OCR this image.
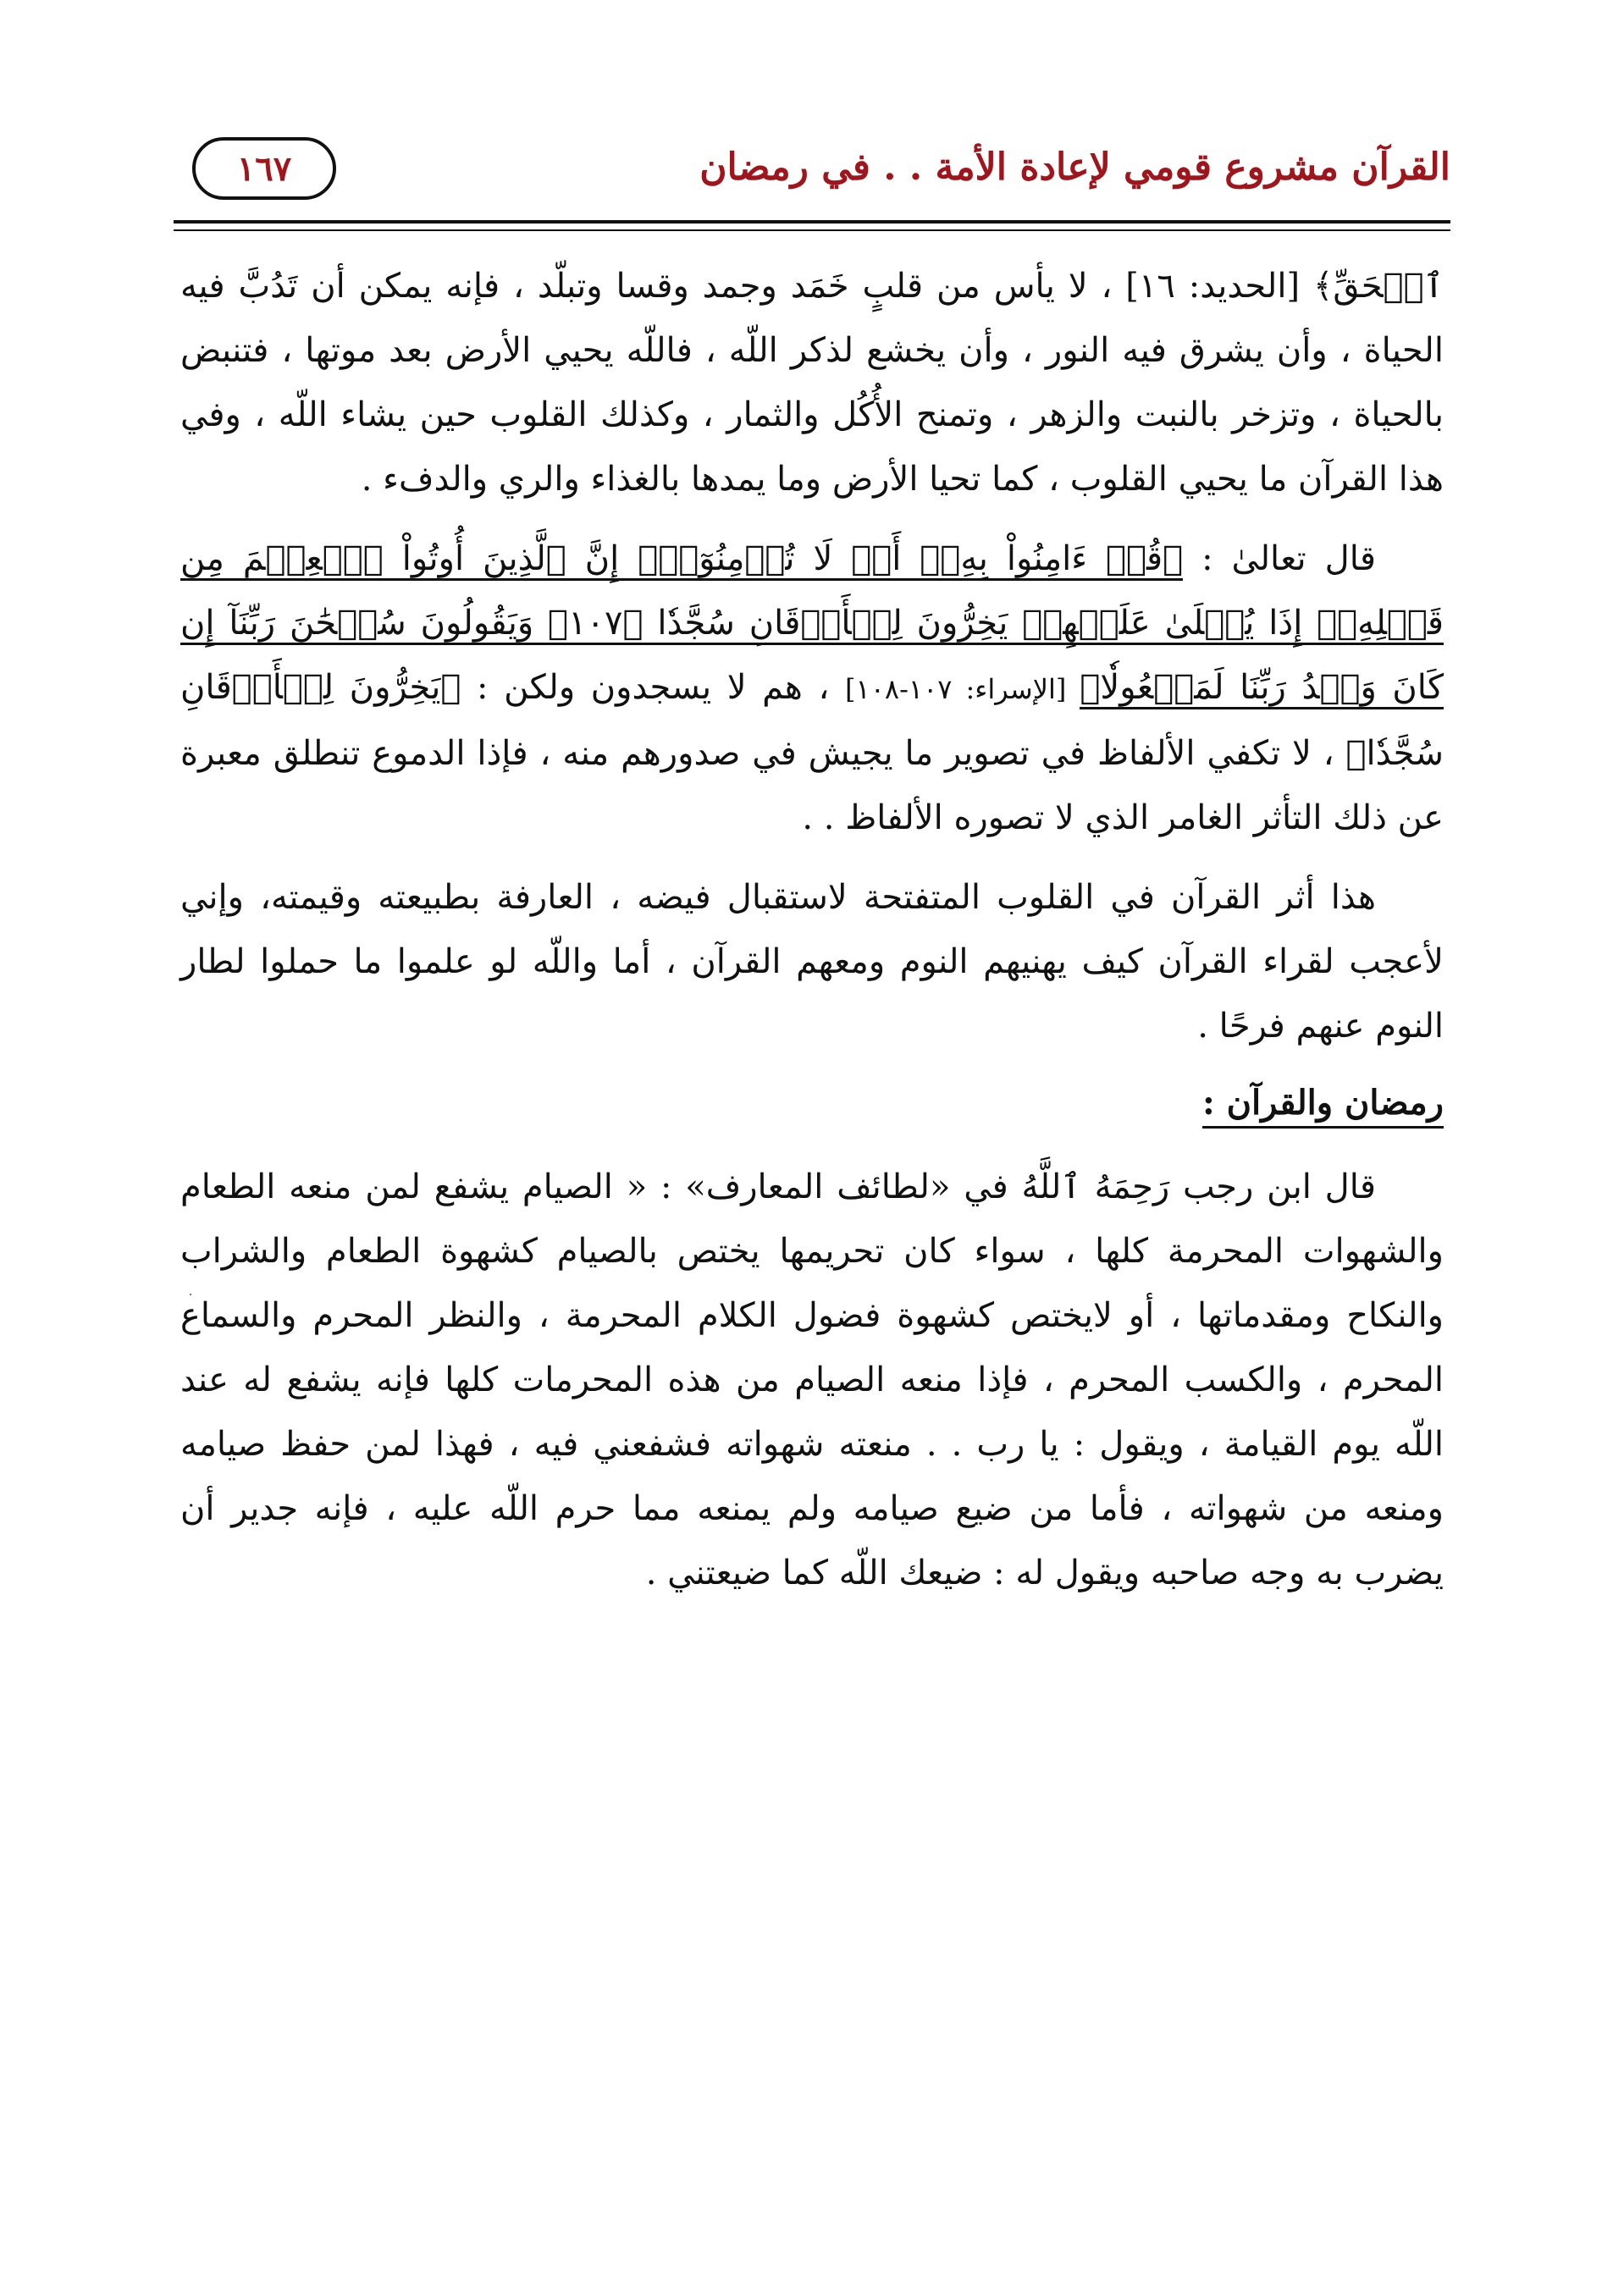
القرآن مشروع قومي لإعادة الأمة . . في رمضان
١٦٧

ٱلۡحَقِّ﴾ [الحديد: ١٦] ، لا يأس من قلبٍ خَمَد وجمد وقسا وتبلّد ، فإنه يمكن أن تَدُبَّ فيه الحياة ، وأن يشرق فيه النور ، وأن يخشع لذكر اللّه ، فاللّه يحيي الأرض بعد موتها ، فتنبض بالحياة ، وتزخر بالنبت والزهر ، وتمنح الأُكُل والثمار ، وكذلك القلوب حين يشاء اللّه ، وفي هذا القرآن ما يحيي القلوب ، كما تحيا الأرض وما يمدها بالغذاء والري والدفء .

قال تعالىٰ : ﴿قُلۡ ءَامِنُواْ بِهِۦٓ أَوۡ لَا تُؤۡمِنُوٓاْۚ إِنَّ ٱلَّذِينَ أُوتُواْ ٱلۡعِلۡمَ مِن قَبۡلِهِۦٓ إِذَا يُتۡلَىٰ عَلَيۡهِمۡ يَخِرُّونَ لِلۡأَذۡقَانِ سُجَّدٗا ﴿١٠٧﴾ وَيَقُولُونَ سُبۡحَٰنَ رَبِّنَآ إِن كَانَ وَعۡدُ رَبِّنَا لَمَفۡعُولٗا﴾ [الإسراء: ١٠٧-١٠٨] ، هم لا يسجدون ولكن : ﴿يَخِرُّونَ لِلۡأَذۡقَانِ سُجَّدٗا﴾ ، لا تكفي الألفاظ في تصوير ما يجيش في صدورهم منه ، فإذا الدموع تنطلق معبرة عن ذلك التأثر الغامر الذي لا تصوره الألفاظ . .

هذا أثر القرآن في القلوب المتفتحة لاستقبال فيضه ، العارفة بطبيعته وقيمته، وإني لأعجب لقراء القرآن كيف يهنيهم النوم ومعهم القرآن ، أما واللّه لو علموا ما حملوا لطار النوم عنهم فرحًا .

رمضان والقرآن :

قال ابن رجب رَحِمَهُ ٱللَّهُ في «لطائف المعارف» : « الصيام يشفع لمن منعه الطعام والشهوات المحرمة كلها ، سواء كان تحريمها يختص بالصيام كشهوة الطعام والشراب والنكاح ومقدماتها ، أو لايختص كشهوة فضول الكلام المحرمة ، والنظر المحرم والسماع المحرم ، والكسب المحرم ، فإذا منعه الصيام من هذه المحرمات كلها فإنه يشفع له عند اللّه يوم القيامة ، ويقول : يا رب . . منعته شهواته فشفعني فيه ، فهذا لمن حفظ صيامه ومنعه من شهواته ، فأما من ضيع صيامه ولم يمنعه مما حرم اللّه عليه ، فإنه جدير أن يضرب به وجه صاحبه ويقول له : ضيعك اللّه كما ضيعتني .
